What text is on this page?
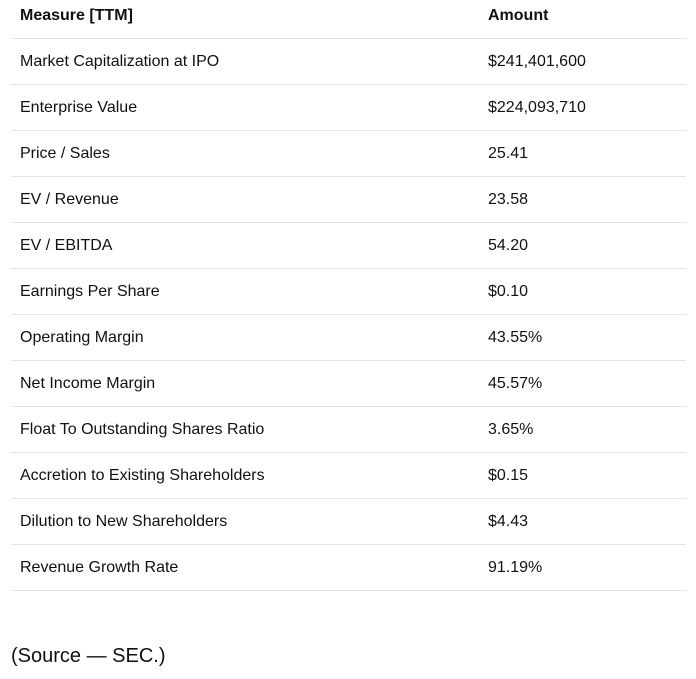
Measure [TTM]	Amount
Market Capitalization at IPO	$241,401,600
Enterprise Value	$224,093,710
Price / Sales	25.41
EV / Revenue	23.58
EV / EBITDA	54.20
Earnings Per Share	$0.10
Operating Margin	43.55%
Net Income Margin	45.57%
Float To Outstanding Shares Ratio	3.65%
Accretion to Existing Shareholders	$0.15
Dilution to New Shareholders	$4.43
Revenue Growth Rate	91.19%
(Source — SEC.)
